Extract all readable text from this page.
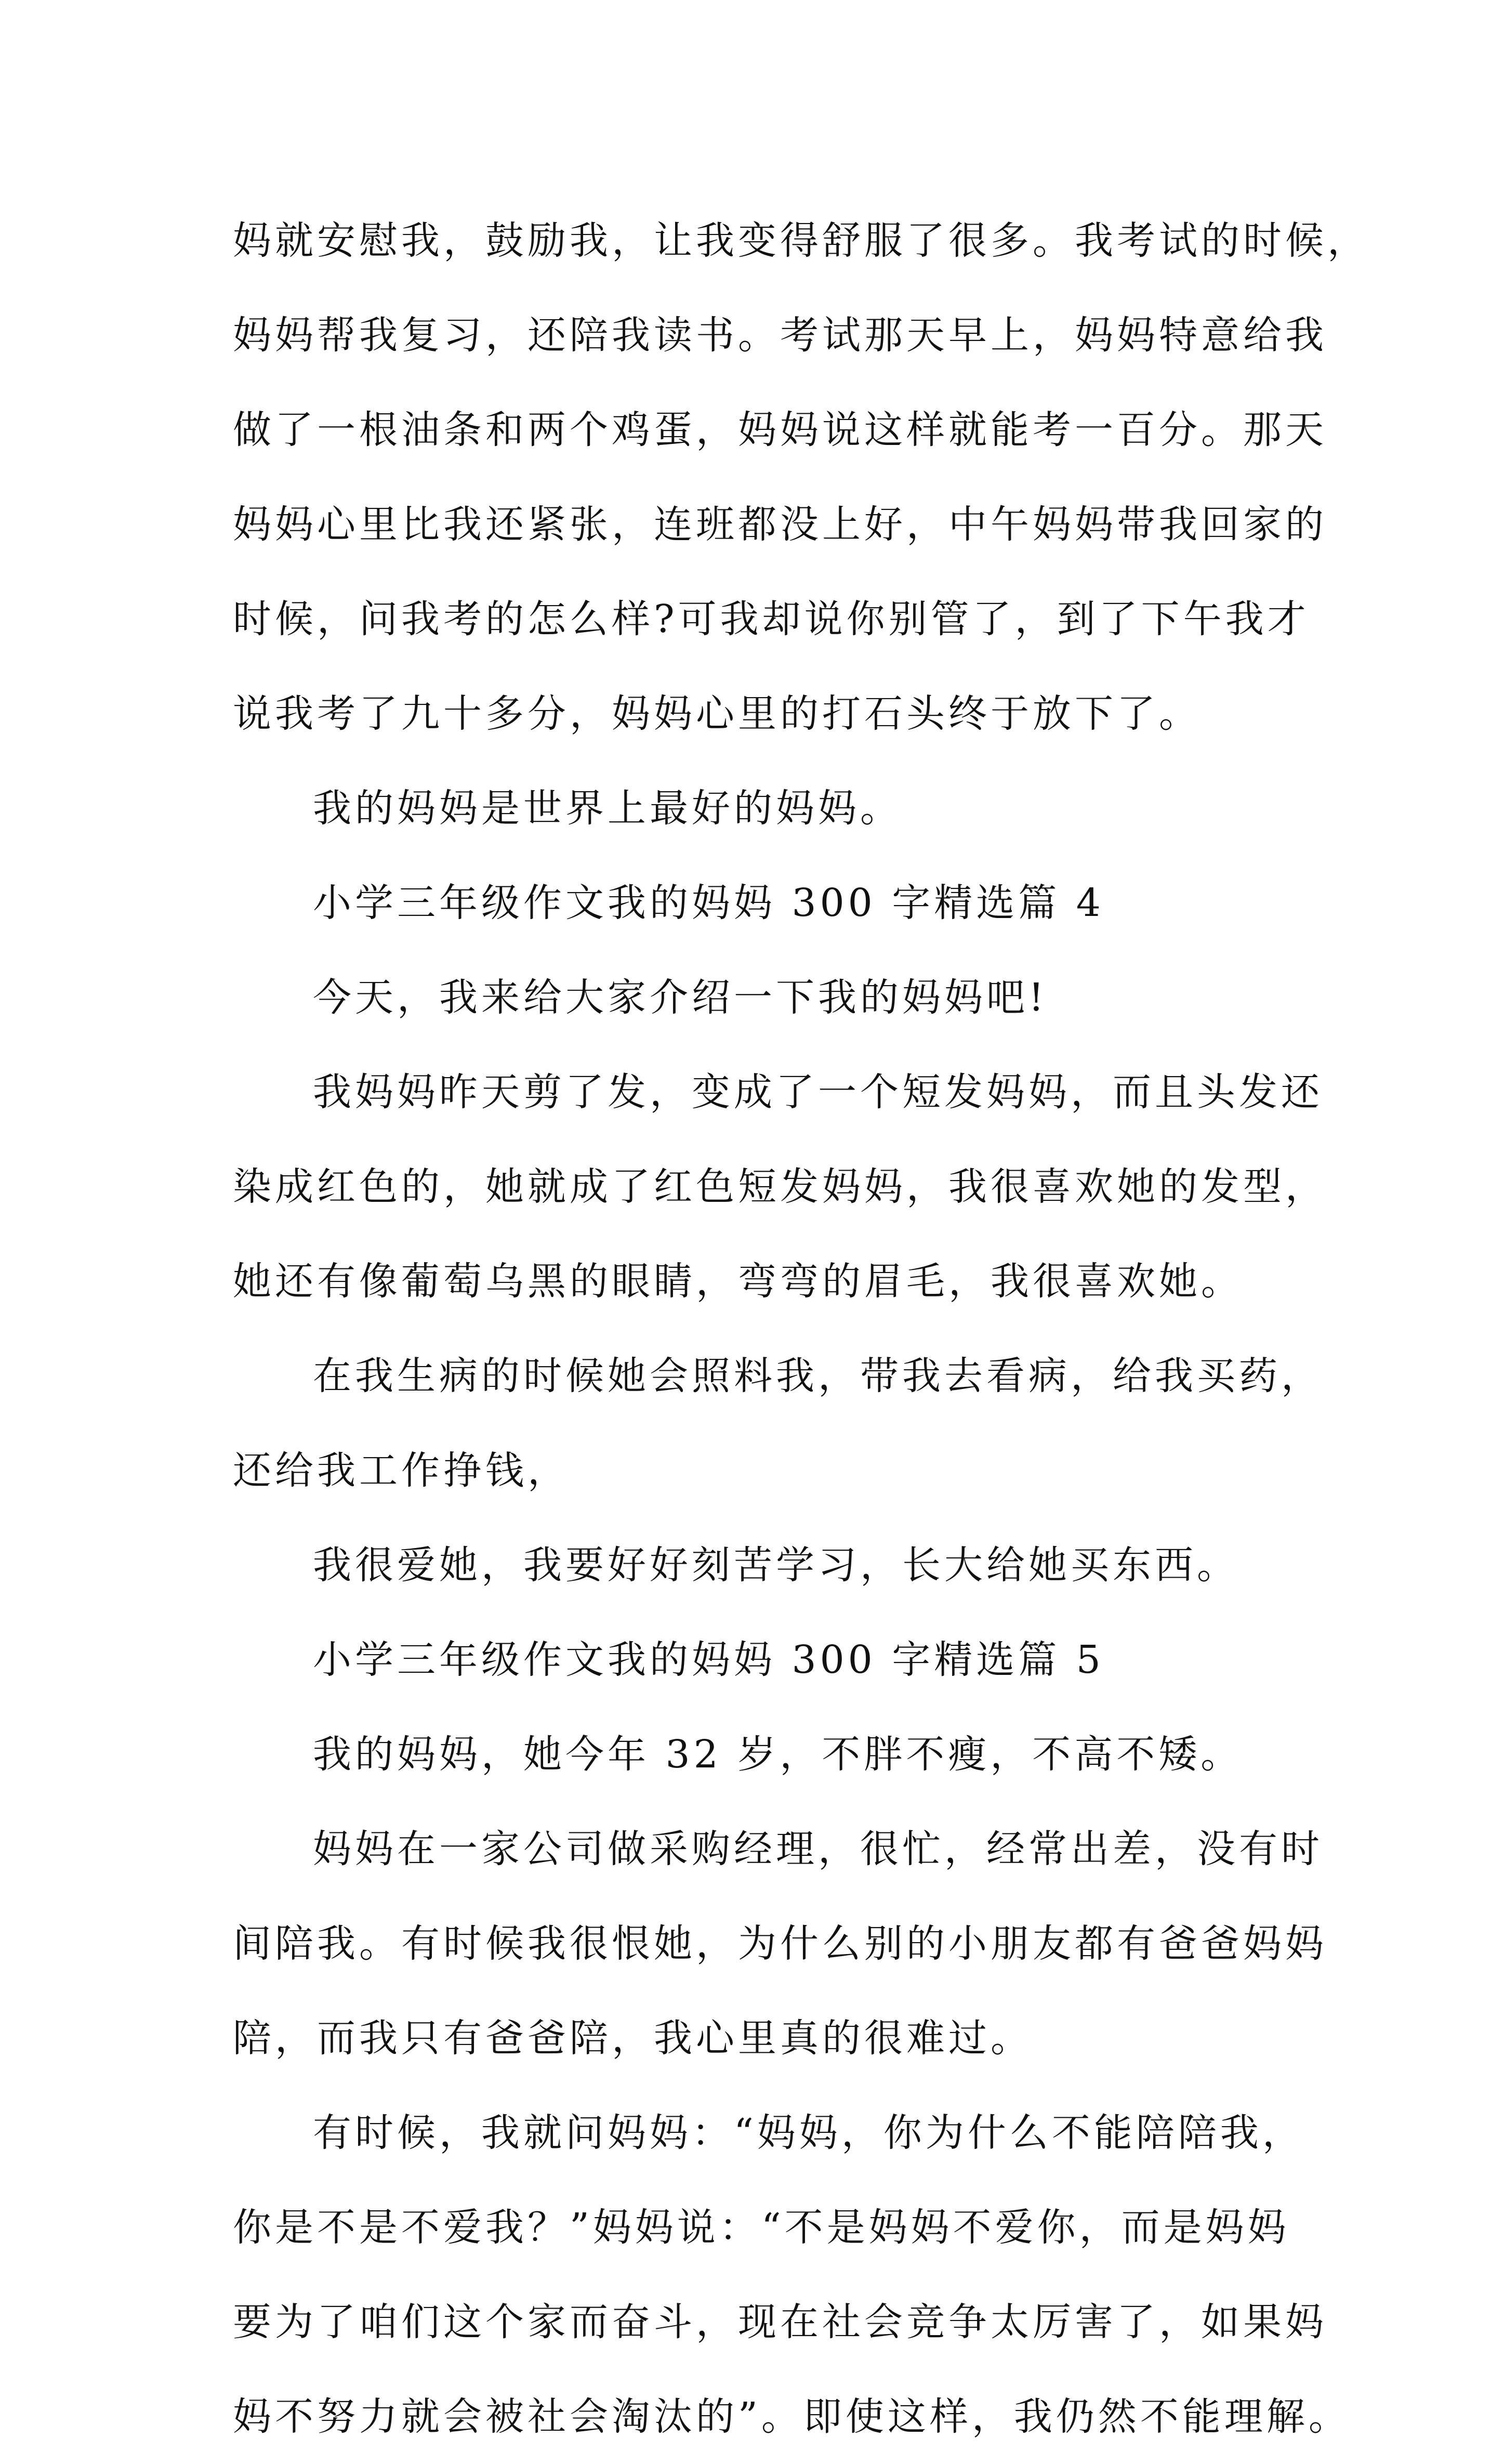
妈就安慰我，鼓励我，让我变得舒服了很多。我考试的时候，
妈妈帮我复习，还陪我读书。考试那天早上，妈妈特意给我
做了一根油条和两个鸡蛋，妈妈说这样就能考一百分。那天
妈妈心里比我还紧张，连班都没上好，中午妈妈带我回家的
时候，问我考的怎么样?可我却说你别管了，到了下午我才
说我考了九十多分，妈妈心里的打石头终于放下了。
我的妈妈是世界上最好的妈妈。
小学三年级作文我的妈妈 300 字精选篇 4
今天，我来给大家介绍一下我的妈妈吧!
我妈妈昨天剪了发，变成了一个短发妈妈，而且头发还
染成红色的，她就成了红色短发妈妈，我很喜欢她的发型，
她还有像葡萄乌黑的眼睛，弯弯的眉毛，我很喜欢她。
在我生病的时候她会照料我，带我去看病，给我买药，
还给我工作挣钱，
我很爱她，我要好好刻苦学习，长大给她买东西。
小学三年级作文我的妈妈 300 字精选篇 5
我的妈妈，她今年 32 岁，不胖不瘦，不高不矮。
妈妈在一家公司做采购经理，很忙，经常出差，没有时
间陪我。有时候我很恨她，为什么别的小朋友都有爸爸妈妈
陪，而我只有爸爸陪，我心里真的很难过。
有时候，我就问妈妈：“妈妈，你为什么不能陪陪我，
你是不是不爱我？”妈妈说：“不是妈妈不爱你，而是妈妈
要为了咱们这个家而奋斗，现在社会竞争太厉害了，如果妈
妈不努力就会被社会淘汰的”。即使这样，我仍然不能理解。
